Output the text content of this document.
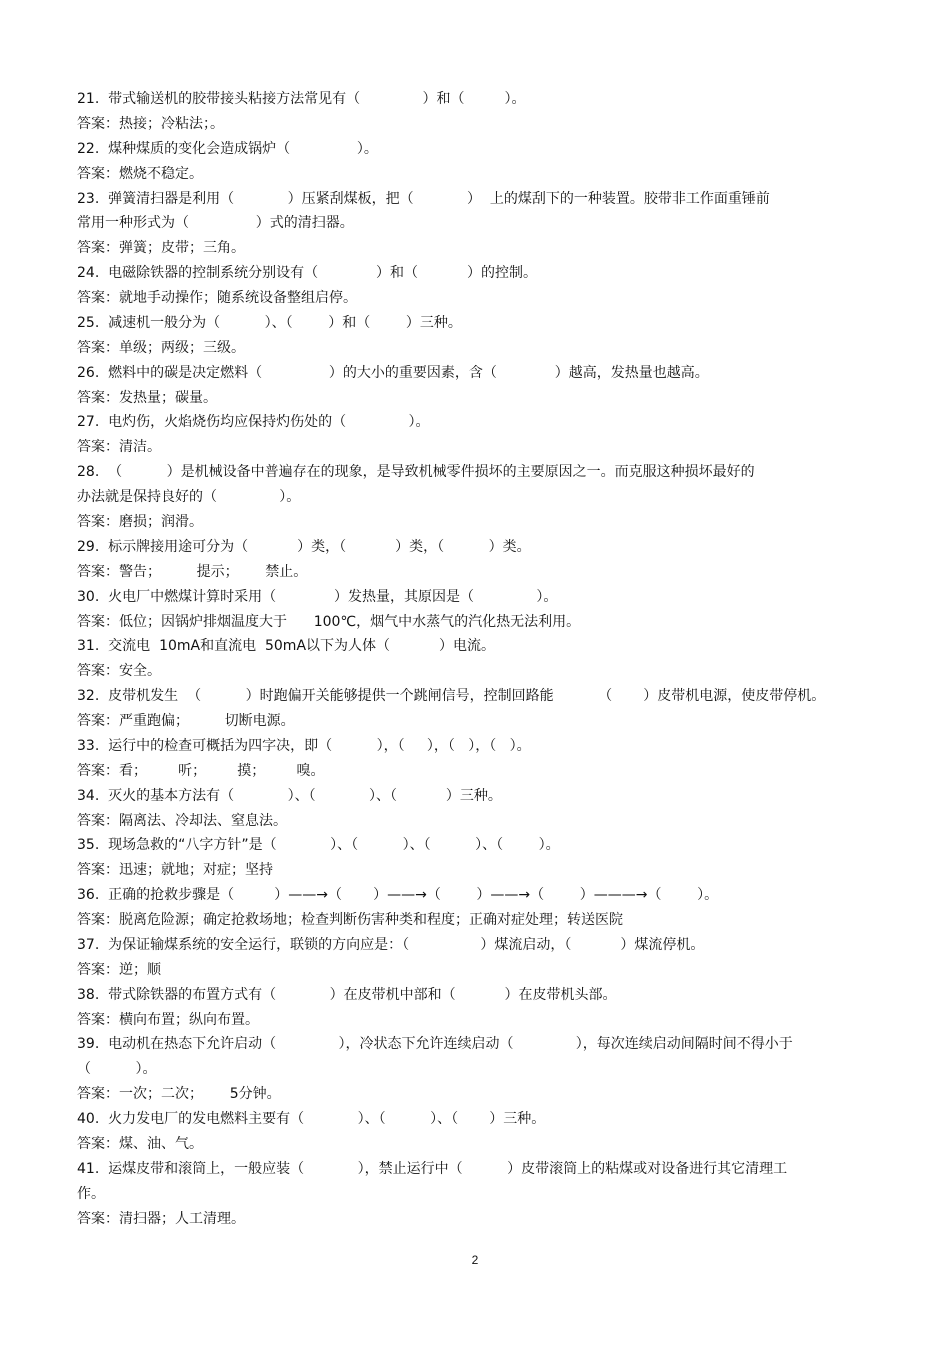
21.  带式输送机的胶带接头粘接方法常见有（              ）和（         ）。
答案：热接；冷粘法；。
22.  煤种煤质的变化会造成锅炉（               ）。
答案：燃烧不稳定。
23.  弹簧清扫器是利用（            ）压紧刮煤板，把（            ）  上的煤刮下的一种装置。胶带非工作面重锤前
常用一种形式为（               ）式的清扫器。
答案：弹簧；皮带；三角。
24.  电磁除铁器的控制系统分别设有（             ）和（           ）的控制。
答案：就地手动操作；随系统设备整组启停。
25.  减速机一般分为（          ）、（        ）和（        ）三种。
答案：单级；两级；三级。
26.  燃料中的碳是决定燃料（               ）的大小的重要因素，含（             ）越高，发热量也越高。
答案：发热量；碳量。
27.  电灼伤，火焰烧伤均应保持灼伤处的（              ）。
答案：清洁。
28.  （          ）是机械设备中普遍存在的现象，是导致机械零件损坏的主要原因之一。而克服这种损坏最好的
办法就是保持良好的（              ）。
答案：磨损；润滑。
29.  标示牌接用途可分为（           ）类，（           ）类，（          ）类。
答案：警告；        提示；      禁止。
30.  火电厂中燃煤计算时采用（             ）发热量，其原因是（              ）。
答案：低位；因锅炉排烟温度大于      100℃，烟气中水蒸气的汽化热无法利用。
31.  交流电  10mA和直流电  50mA以下为人体（           ）电流。
答案：安全。
32.  皮带机发生  （          ）时跑偏开关能够提供一个跳闸信号，控制回路能          （       ）皮带机电源，使皮带停机。
答案：严重跑偏；        切断电源。
33.  运行中的检查可概括为四字决，即（          ），（     ），（   ），（   ）。
答案：看；       听；       摸；       嗅。
34.  灭火的基本方法有（            ）、（            ）、（           ）三种。
答案：隔离法、冷却法、窒息法。
35.  现场急救的“八字方针”是（            ）、（          ）、（          ）、（        ）。
答案：迅速；就地；对症；坚持
36.  正确的抢救步骤是（         ）——→（       ）——→（        ）——→（        ）———→（        ）。
答案：脱离危险源；确定抢救场地；检查判断伤害种类和程度；正确对症处理；转送医院
37.  为保证输煤系统的安全运行，联锁的方向应是：（                ）煤流启动，（           ）煤流停机。
答案：逆；顺
38.  带式除铁器的布置方式有（            ）在皮带机中部和（           ）在皮带机头部。
答案：横向布置；纵向布置。
39.  电动机在热态下允许启动（              ），冷状态下允许连续启动（              ），每次连续启动间隔时间不得小于
（          ）。
答案：一次；二次；      5分钟。
40.  火力发电厂的发电燃料主要有（            ）、（          ）、（       ）三种。
答案：煤、油、气。
41.  运煤皮带和滚筒上，一般应装（            ），禁止运行中（          ）皮带滚筒上的粘煤或对设备进行其它清理工
作。
答案：清扫器；人工清理。
2
